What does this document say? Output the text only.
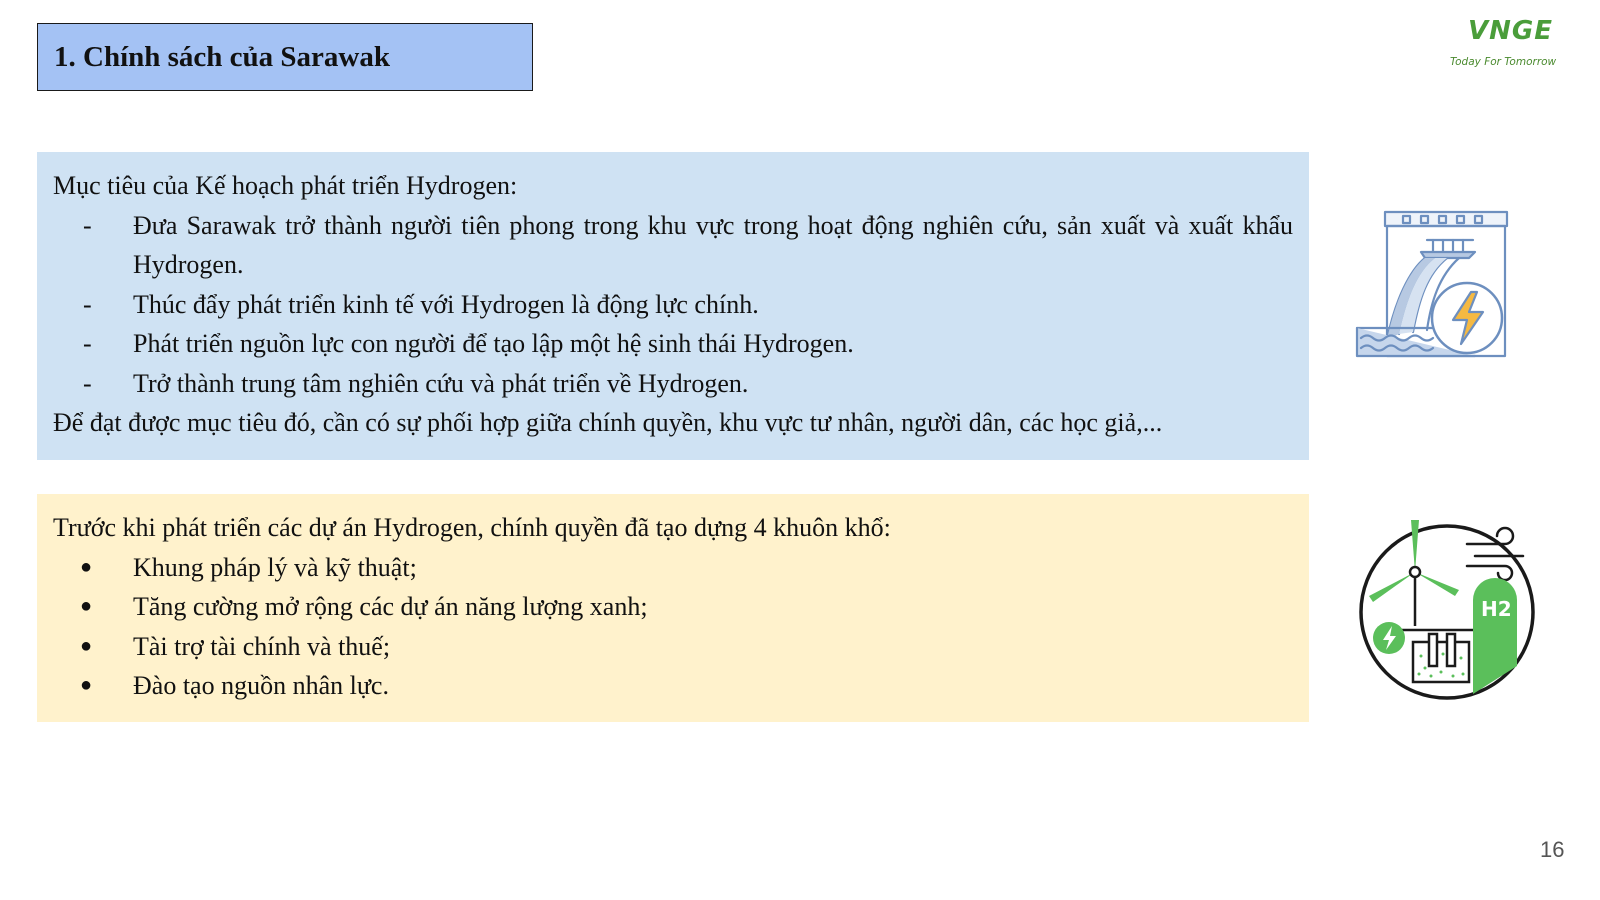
1. Chính sách của Sarawak
VNGE
Today For Tomorrow
Mục tiêu của Kế hoạch phát triển Hydrogen:
-	Đưa Sarawak trở thành người tiên phong trong khu vực trong hoạt động nghiên cứu, sản xuất và xuất khẩu Hydrogen.
-	Thúc đẩy phát triển kinh tế với Hydrogen là động lực chính.
-	Phát triển nguồn lực con người để tạo lập một hệ sinh thái Hydrogen.
-	Trở thành trung tâm nghiên cứu và phát triển về Hydrogen.
Để đạt được mục tiêu đó, cần có sự phối hợp giữa chính quyền, khu vực tư nhân, người dân, các học giả,...
Trước khi phát triển các dự án Hydrogen, chính quyền đã tạo dựng 4 khuôn khổ:
●	Khung pháp lý và kỹ thuật;
●	Tăng cường mở rộng các dự án năng lượng xanh;
●	Tài trợ tài chính và thuế;
●	Đào tạo nguồn nhân lực.
H2
16
